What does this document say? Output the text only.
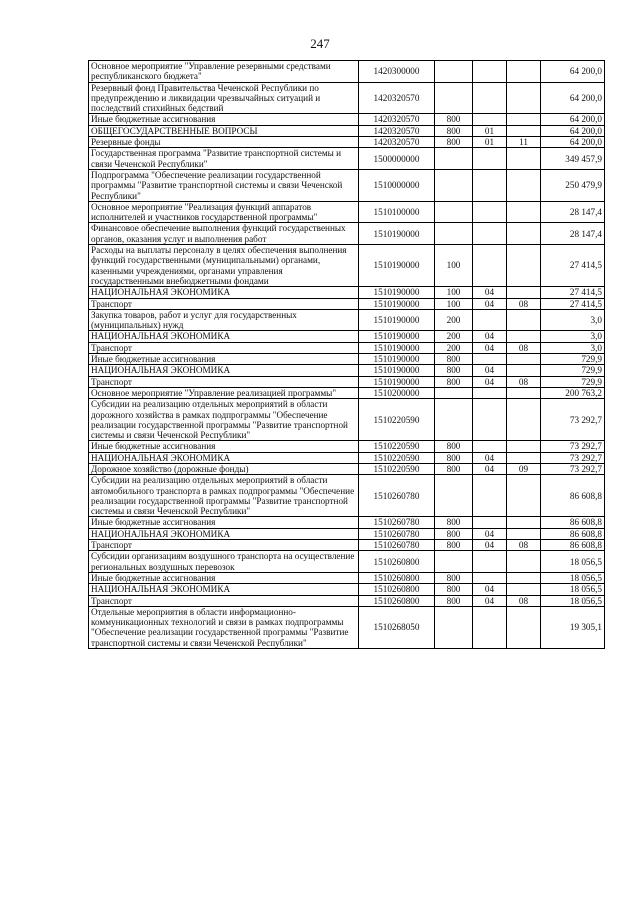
247
Основное мероприятие "Управление резервными средствами республиканского бюджета"	1420300000				64 200,0
Резервный фонд Правительства Чеченской Республики по предупреждению и ликвидации чрезвычайных ситуаций и последствий стихийных бедствий	1420320570				64 200,0
Иные бюджетные ассигнования	1420320570	800			64 200,0
ОБЩЕГОСУДАРСТВЕННЫЕ ВОПРОСЫ	1420320570	800	01		64 200,0
Резервные фонды	1420320570	800	01	11	64 200,0
Государственная программа "Развитие транспортной системы и связи Чеченской Республики"	1500000000				349 457,9
Подпрограмма "Обеспечение реализации государственной программы "Развитие транспортной системы и связи Чеченской Республики"	1510000000				250 479,9
Основное мероприятие "Реализация функций аппаратов исполнителей и участников государственной программы"	1510100000				28 147,4
Финансовое обеспечение выполнения функций государственных органов, оказания услуг и выполнения работ	1510190000				28 147,4
Расходы на выплаты персоналу в целях обеспечения выполнения функций государственными (муниципальными) органами, казенными учреждениями, органами управления государственными внебюджетными фондами	1510190000	100			27 414,5
НАЦИОНАЛЬНАЯ ЭКОНОМИКА	1510190000	100	04		27 414,5
Транспорт	1510190000	100	04	08	27 414,5
Закупка товаров, работ и услуг для государственных (муниципальных) нужд	1510190000	200			3,0
НАЦИОНАЛЬНАЯ ЭКОНОМИКА	1510190000	200	04		3,0
Транспорт	1510190000	200	04	08	3,0
Иные бюджетные ассигнования	1510190000	800			729,9
НАЦИОНАЛЬНАЯ ЭКОНОМИКА	1510190000	800	04		729,9
Транспорт	1510190000	800	04	08	729,9
Основное мероприятие "Управление реализацией программы"	1510200000				200 763,2
Субсидии на реализацию отдельных мероприятий в области дорожного хозяйства в рамках подпрограммы "Обеспечение реализации государственной программы "Развитие транспортной системы и связи Чеченской Республики"	1510220590				73 292,7
Иные бюджетные ассигнования	1510220590	800			73 292,7
НАЦИОНАЛЬНАЯ ЭКОНОМИКА	1510220590	800	04		73 292,7
Дорожное хозяйство (дорожные фонды)	1510220590	800	04	09	73 292,7
Субсидии на реализацию отдельных мероприятий в области автомобильного транспорта в рамках подпрограммы "Обеспечение реализации государственной программы "Развитие транспортной системы и связи Чеченской Республики"	1510260780				86 608,8
Иные бюджетные ассигнования	1510260780	800			86 608,8
НАЦИОНАЛЬНАЯ ЭКОНОМИКА	1510260780	800	04		86 608,8
Транспорт	1510260780	800	04	08	86 608,8
Субсидии организациям воздушного транспорта на осуществление региональных воздушных перевозок	1510260800				18 056,5
Иные бюджетные ассигнования	1510260800	800			18 056,5
НАЦИОНАЛЬНАЯ ЭКОНОМИКА	1510260800	800	04		18 056,5
Транспорт	1510260800	800	04	08	18 056,5
Отдельные мероприятия в области информационно-коммуникационных технологий и связи в рамках подпрограммы "Обеспечение реализации государственной программы "Развитие транспортной системы и связи Чеченской Республики"	1510268050				19 305,1
